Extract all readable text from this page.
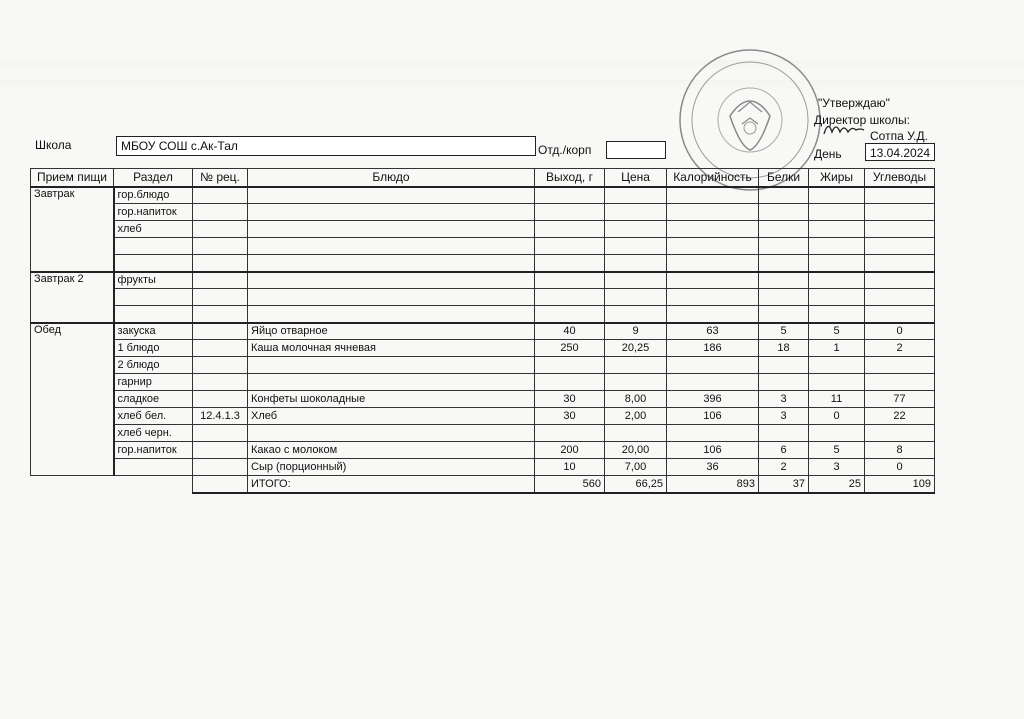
"Утверждаю"
Директор школы:
Сотпа У.Д.
День	13.04.2024
Школа	МБОУ СОШ с.Ак-Тал	Отд./корп
Прием пищи	Раздел	№ рец.	Блюдо	Выход, г	Цена	Калорийность	Белки	Жиры	Углеводы
Завтрак	гор.блюдо								
	гор.напиток								
	хлеб								

Завтрак 2	фрукты								

Обед	закуска		Яйцо отварное	40	9	63	5	5	0
	1 блюдо		Каша молочная ячневая	250	20,25	186	18	1	2
	2 блюдо								
	гарнир								
	сладкое		Конфеты шоколадные	30	8,00	396	3	11	77
	хлеб бел.	12.4.1.3	Хлеб	30	2,00	106	3	0	22
	хлеб черн.								
	гор.напиток		Какао с молоком	200	20,00	106	6	5	8
			Сыр (порционный)	10	7,00	36	2	3	0
			ИТОГО:	560	66,25	893	37	25	109
